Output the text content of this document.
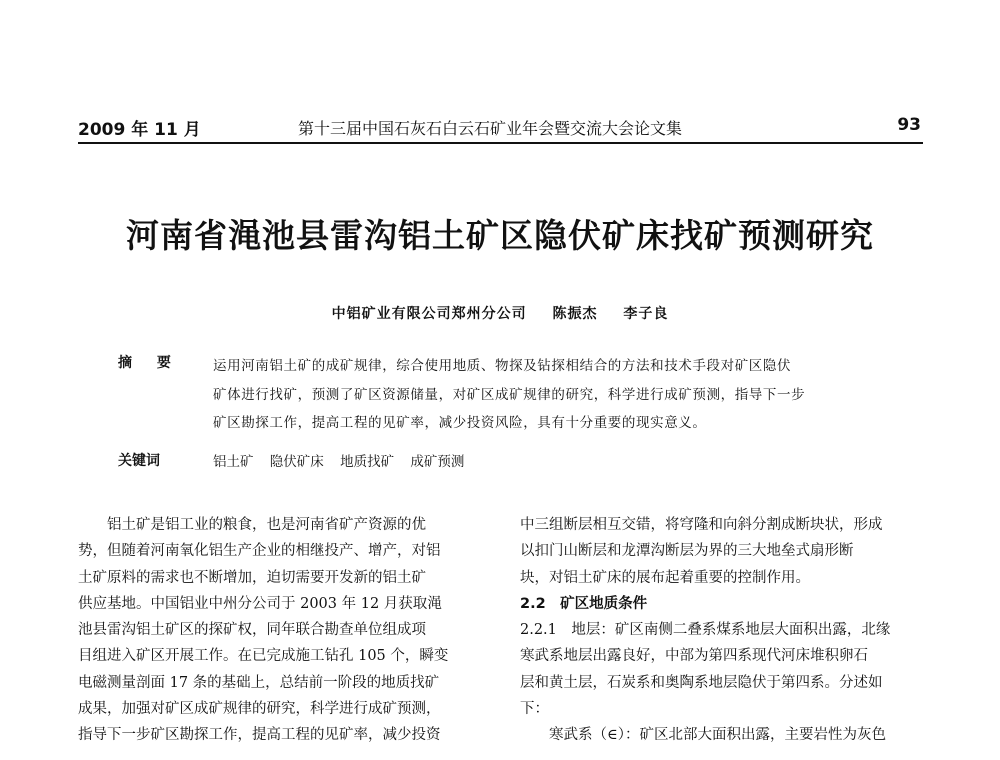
2009 年 11 月	第十三届中国石灰石白云石矿业年会暨交流大会论文集	93
河南省渑池县雷沟铝土矿区隐伏矿床找矿预测研究
中铝矿业有限公司郑州分公司 陈振杰 李子良
摘 要 运用河南铝土矿的成矿规律，综合使用地质、物探及钻探相结合的方法和技术手段对矿区隐伏
矿体进行找矿，预测了矿区资源储量，对矿区成矿规律的研究，科学进行成矿预测，指导下一步
矿区勘探工作，提高工程的见矿率，减少投资风险，具有十分重要的现实意义。
关键词	铝土矿 隐伏矿床 地质找矿 成矿预测
　　铝土矿是铝工业的粮食，也是河南省矿产资源的优
势，但随着河南氧化铝生产企业的相继投产、增产，对铝
土矿原料的需求也不断增加，迫切需要开发新的铝土矿
供应基地。中国铝业中州分公司于 2003 年 12 月获取渑
池县雷沟铝土矿区的探矿权，同年联合勘查单位组成项
目组进入矿区开展工作。在已完成施工钻孔 105 个，瞬变
电磁测量剖面 17 条的基础上，总结前一阶段的地质找矿
成果，加强对矿区成矿规律的研究，科学进行成矿预测，
指导下一步矿区勘探工作，提高工程的见矿率，减少投资
中三组断层相互交错，将穹隆和向斜分割成断块状，形成
以扣门山断层和龙潭沟断层为界的三大地垒式扇形断
块，对铝土矿床的展布起着重要的控制作用。
2.2　矿区地质条件
2.2.1　地层：矿区南侧二叠系煤系地层大面积出露，北缘
寒武系地层出露良好，中部为第四系现代河床堆积卵石
层和黄土层，石炭系和奥陶系地层隐伏于第四系。分述如
下：
　　寒武系（∈）：矿区北部大面积出露，主要岩性为灰色
